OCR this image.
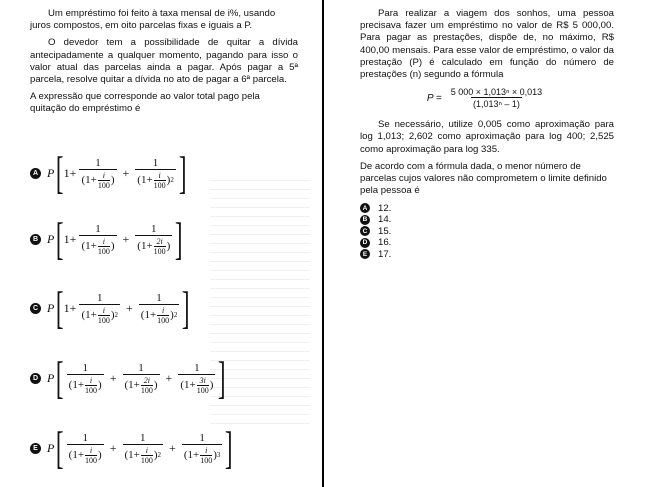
Um empréstimo foi feito à taxa mensal de i%, usando juros compostos, em oito parcelas fixas e iguais a P.

O devedor tem a possibilidade de quitar a dívida antecipadamente a qualquer momento, pagando para isso o valor atual das parcelas ainda a pagar. Após pagar a 5ª parcela, resolve quitar a dívida no ato de pagar a 6ª parcela.

A expressão que corresponde ao valor total pago pela quitação do empréstimo é

A P [ $1+ \frac{1}{(1+ \frac{i}{100} )} + \frac{1}{(1+ \frac{i}{100} ) 2}$ ]
B P [ $1+ \frac{1}{(1+ \frac{i}{100} )} + \frac{1}{(1+ \frac{2i}{100} )}$ ]
C P [ $1+ \frac{1}{(1+ \frac{i}{100} ) 2} + \frac{1}{(1+ \frac{i}{100} ) 2}$ ]
D P [ $\frac{1}{(1+ \frac{i}{100} )} + \frac{1}{(1+ \frac{2i}{100} )} + \frac{1}{(1+ \frac{3i}{100} )}$ ]
E P [ $\frac{1}{(1+ \frac{i}{100} )} + \frac{1}{(1+ \frac{i}{100} ) 2} + \frac{1}{(1+ \frac{i}{100} ) 3}$ ]

Para realizar a viagem dos sonhos, uma pessoa precisava fazer um empréstimo no valor de R$ 5 000,00. Para pagar as prestações, dispõe de, no máximo, R$ 400,00 mensais. Para esse valor de empréstimo, o valor da prestação (P) é calculado em função do número de prestações (n) segundo a fórmula

$P = \frac{\text{5 000 × 1,013ⁿ × 0,013}}{\text{(1,013ⁿ – 1)}}$

Se necessário, utilize 0,005 como aproximação para log 1,013; 2,602 como aproximação para log 400; 2,525 como aproximação para log 335.

De acordo com a fórmula dada, o menor número de parcelas cujos valores não comprometem o limite definido pela pessoa é

A 12.
B 14.
C 15.
D 16.
E 17.
